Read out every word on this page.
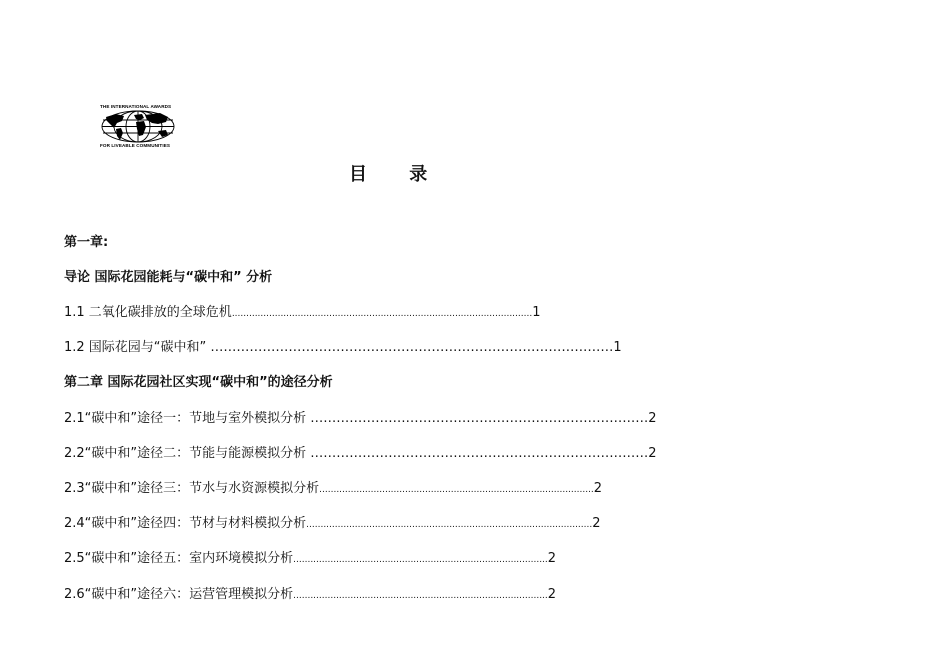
THE INTERNATIONAL AWARDS
FOR LIVEABLE COMMUNITIES
目 录
第一章:
导论 国际花园能耗与“碳中和” 分析
1.1 二氧化碳排放的全球危机.........................................................................................................1
1.2 国际花园与“碳中和” …………………………………………………………………………………1
第二章 国际花园社区实现“碳中和”的途径分析
2.1“碳中和”途径一：节地与室外模拟分析 ……………………………………………………………………2
2.2“碳中和”途径二：节能与能源模拟分析 ……………………………………………………………………2
2.3“碳中和”途径三：节水与水资源模拟分析................................................................................................2
2.4“碳中和”途径四：节材与材料模拟分析....................................................................................................2
2.5“碳中和”途径五：室内环境模拟分析.........................................................................................2
2.6“碳中和”途径六：运营管理模拟分析.........................................................................................2
